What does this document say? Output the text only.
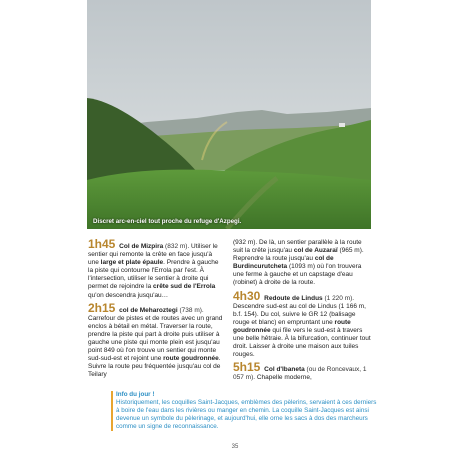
Discret arc-en-ciel tout proche du refuge d'Azpegi.

1h45 Col de Mizpira (832 m). Utiliser le sentier qui remonte la crête en face jusqu'à une large et plate épaule. Prendre à gauche la piste qui contourne l'Errola par l'est. À l'intersection, utiliser le sentier à droite qui permet de rejoindre la crête sud de l'Errola qu'on descendra jusqu'au…

2h15 col de Meharoztegi (738 m). Carrefour de pistes et de routes avec un grand enclos à bétail en métal. Traverser la route, prendre la piste qui part à droite puis utiliser à gauche une piste qui monte plein est jusqu'au point 849 où l'on trouve un sentier qui monte sud-sud-est et rejoint une route goudronnée. Suivre la route peu fréquentée jusqu'au col de Teilary

(932 m). De là, un sentier parallèle à la route suit la crête jusqu'au col de Auzaraï (965 m). Reprendre la route jusqu'au col de Burdincurutcheta (1093 m) où l'on trouvera une ferme à gauche et un capstage d'eau (robinet) à droite de la route.

4h30 Redoute de Lindus (1 220 m). Descendre sud-est au col de Lindus (1 166 m, b.f. 154). Du col, suivre le GR 12 (balisage rouge et blanc) en empruntant une route goudronnée qui file vers le sud-est à travers une belle hêtraie. À la bifurcation, continuer tout droit. Laisser à droite une maison aux tuiles rouges.

5h15 Col d'Ibaneta (ou de Roncevaux, 1 057 m). Chapelle moderne,

Info du jour !
Historiquement, les coquilles Saint-Jacques, emblèmes des pèlerins, servaient à ces derniers à boire de l'eau dans les rivières ou manger en chemin. La coquille Saint-Jacques est ainsi devenue un symbole du pèlerinage, et aujourd'hui, elle orne les sacs à dos des marcheurs comme un signe de reconnaissance.
35
